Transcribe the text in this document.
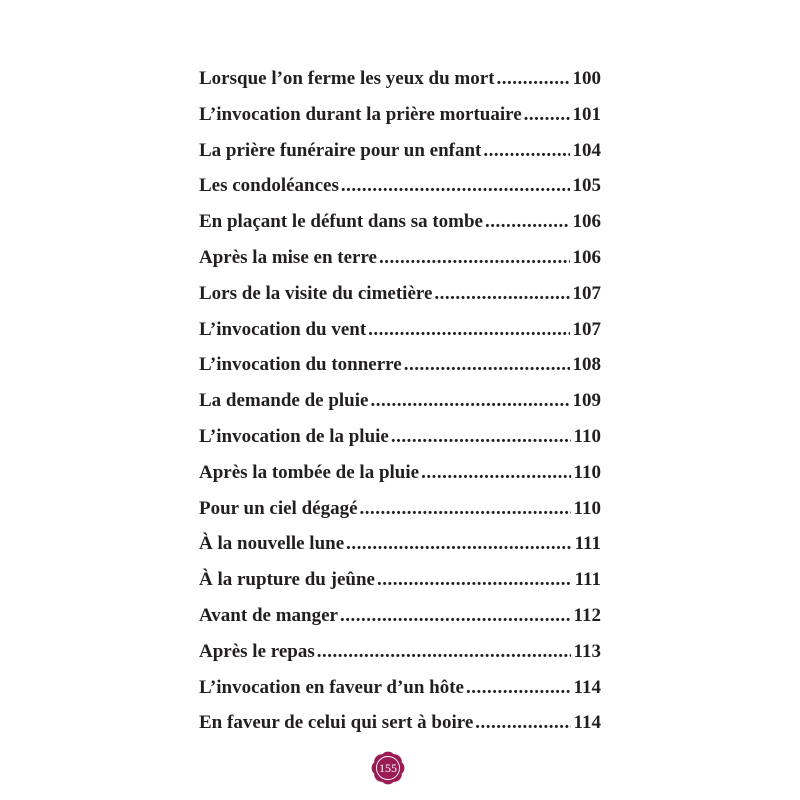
Lorsque l’on ferme les yeux du mort .....	100
L’invocation durant la prière mortuaire .....	101
La prière funéraire pour un enfant .....	104
Les condoléances .....	105
En plaçant le défunt dans sa tombe .....	106
Après la mise en terre .....	106
Lors de la visite du cimetière .....	107
L’invocation du vent .....	107
L’invocation du tonnerre .....	108
La demande de pluie .....	109
L’invocation de la pluie .....	110
Après la tombée de la pluie .....	110
Pour un ciel dégagé .....	110
À la nouvelle lune .....	111
À la rupture du jeûne .....	111
Avant de manger .....	112
Après le repas .....	113
L’invocation en faveur d’un hôte .....	114
En faveur de celui qui sert à boire .....	114
155
